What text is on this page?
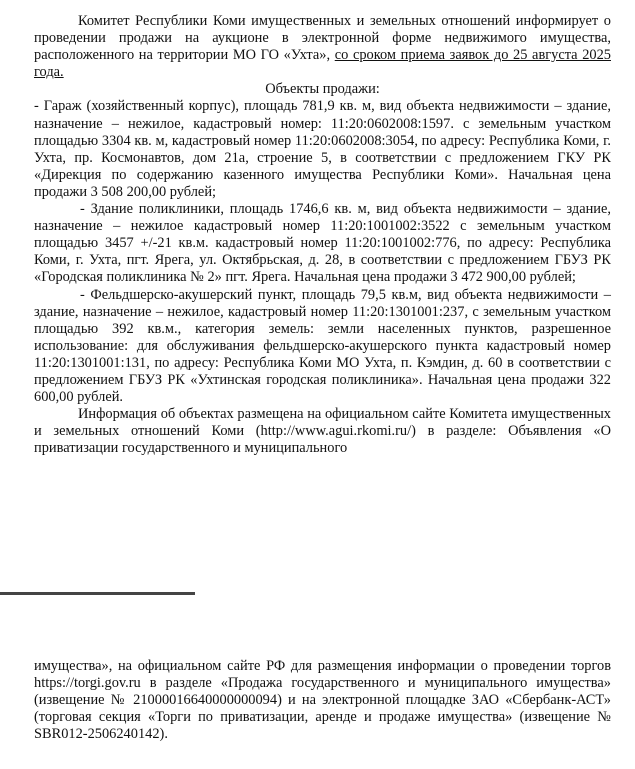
Комитет Республики Коми имущественных и земельных отношений информирует о проведении продажи на аукционе в электронной форме недвижимого имущества, расположенного на территории МО ГО «Ухта», со сроком приема заявок до 25 августа 2025 года.

Объекты продажи:

- Гараж (хозяйственный корпус), площадь 781,9 кв. м, вид объекта недвижимости – здание, назначение – нежилое, кадастровый номер: 11:20:0602008:1597. с земельным участком площадью 3304 кв. м, кадастровый номер 11:20:0602008:3054, по адресу: Республика Коми, г. Ухта, пр. Космонавтов, дом 21а, строение 5, в соответствии с предложением ГКУ РК «Дирекция по содержанию казенного имущества Республики Коми». Начальная цена продажи 3 508 200,00 рублей;

- Здание поликлиники, площадь 1746,6 кв. м, вид объекта недвижимости – здание, назначение – нежилое кадастровый номер 11:20:1001002:3522 с земельным участком площадью 3457 +/-21 кв.м. кадастровый номер 11:20:1001002:776, по адресу: Республика Коми, г. Ухта, пгт. Ярега, ул. Октябрьская, д. 28, в соответствии с предложением ГБУЗ РК «Городская поликлиника № 2» пгт. Ярега. Начальная цена продажи 3 472 900,00 рублей;

- Фельдшерско-акушерский пункт, площадь 79,5 кв.м, вид объекта недвижимости – здание, назначение – нежилое, кадастровый номер 11:20:1301001:237, с земельным участком площадью 392 кв.м., категория земель: земли населенных пунктов, разрешенное использование: для обслуживания фельдшерско-акушерского пункта кадастровый номер 11:20:1301001:131, по адресу: Республика Коми МО Ухта, п. Кэмдин, д. 60 в соответствии с предложением ГБУЗ РК «Ухтинская городская поликлиника». Начальная цена продажи 322 600,00 рублей.

Информация об объектах размещена на официальном сайте Комитета имущественных и земельных отношений Коми (http://www.agui.rkomi.ru/) в разделе: Объявления «О приватизации государственного и муниципального

имущества», на официальном сайте РФ для размещения информации о проведении торгов https://torgi.gov.ru в разделе «Продажа государственного и муниципального имущества» (извещение № 21000016640000000094) и на электронной площадке ЗАО «Сбербанк-АСТ» (торговая секция «Торги по приватизации, аренде и продаже имущества» (извещение № SBR012-2506240142).
